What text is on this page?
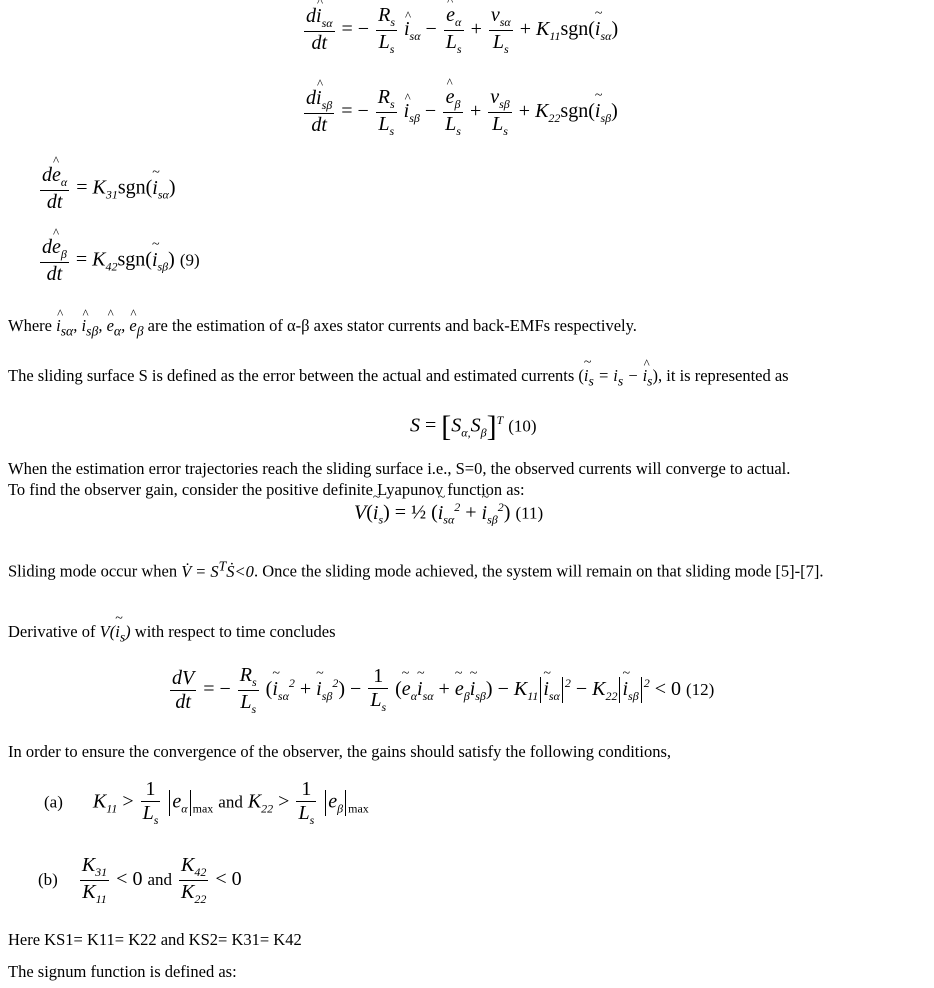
$\frac{d\^{} i_{s\alpha}}{dt}$ = − $\frac{R_s}{L_s}$
^ $i_{s\alpha}$ −
^ $\frac{e_\alpha}{L_s} + \frac{v_{s\alpha}}{L_s}$ + $K_{11}sgn(\sim$ $i_{s\alpha}$)
$\frac{d\^{} i_{s\beta}}{dt}$ = − $\frac{R_s}{L_s}$
^ $i_{s\beta}$ −
^ $\frac{e_\beta}{L_s} + \frac{v_{s\beta}}{L_s}$ + $K_{22}sgn(\sim$ $i_{s\beta}$)
$\frac{d\^{} e_\alpha}{dt}$ = $K_{31}sgn(\sim$ $i_{s\alpha}$)
$\frac{d\^{} e_\beta}{dt}$ = $K_{42}sgn(\sim$ $i_{s\beta}$) (9)
Where ^ $i_{s\alpha}$, ^ $i_{s\beta}$, ^ $e_\alpha$, ^ $e_\beta$ are the estimation of α-β axes stator currents and back-EMFs respectively.
The sliding surface S is defined as the error between the actual and estimated currents (~ $i_s = i_s$ − ^ $i_s$), it is represented as
$S = [S_{\alpha,}S_\beta]^T$ (10)
When the estimation error trajectories reach the sliding surface i.e., S=0, the observed currents will converge to actual.
To find the observer gain, consider the positive definite Lyapunov function as:
V(~ $i_s$) = ½ (~ $i_{s\alpha}^2$ + ~ $i_{s\beta}^2$) (11)
Sliding mode occur when V̇ = $S^TṠ<0$. Once the sliding mode achieved, the system will remain on that sliding mode [5]-[7].
Derivative of V(~ $i_s$) with respect to time concludes
$\frac{dV}{dt}$ = − $\frac{R_s}{L_s}$ (~ $i_{s\alpha}^2$ + ~ $i_{s\beta}^2) - \frac{1}{L_s}$ (~ $e_\alpha\sim$ $i_{s\alpha}$ + ~ $e_\beta\sim$ $i_{s\beta}$) − $K_{11}\sim$ $i_{s\alpha}^2$ − $K_{22}\sim$ $i_{s\beta}^2 < 0$ (12)
In order to ensure the convergence of the observer, the gains should satisfy the following conditions,
(a)  $K_{11} > \frac{1}{L_s} e_\alpha$ $_{max}$ and $K_{22} > \frac{1}{L_s} e_\beta$ $_{max}$
$(b) \frac{K_{31}}{K_{11}} < 0$ and $\frac{K_{42}}{K_{22}} < 0$
Here KS1= K11= K22 and KS2= K31= K42
The signum function is defined as:
